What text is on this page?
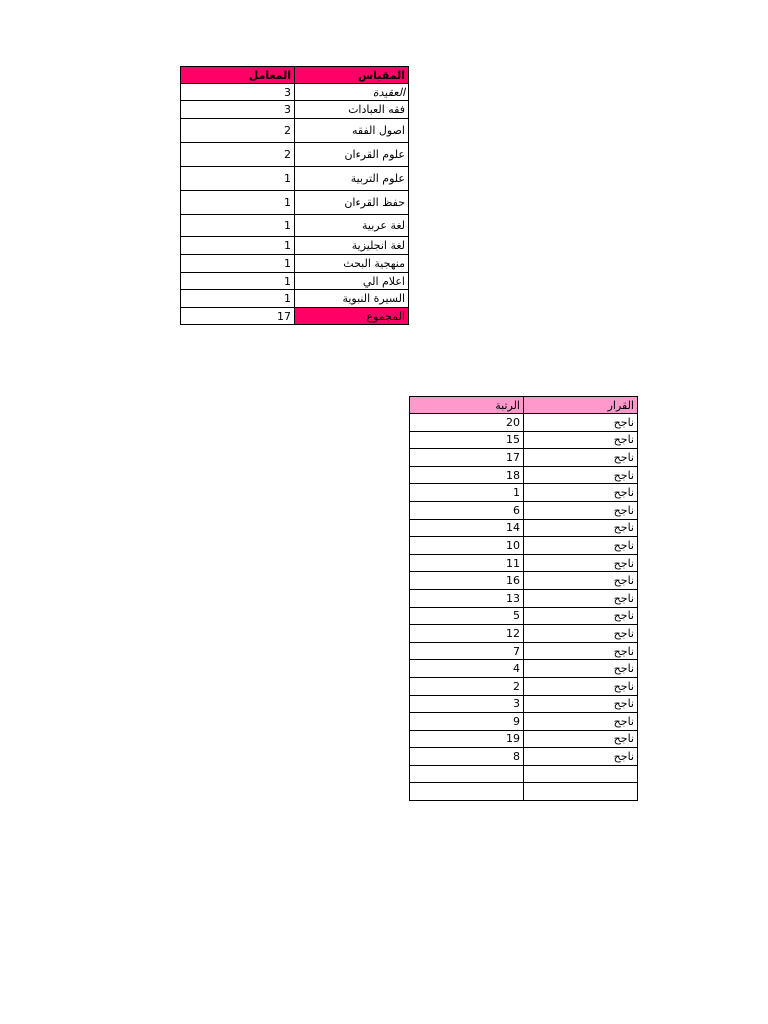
المعامل	المقياس
3	العقيدة
3	فقه العبادات
2	اصول الفقه
2	علوم القرءان
1	علوم التربية
1	حفظ القرءان
1	لغة عربية
1	لغة انجليزية
1	منهجية البحث
1	اعلام الي
1	السيرة النبوية
17	المجموع
الرتبة	القرار
20	ناجح
15	ناجح
17	ناجح
18	ناجح
1	ناجح
6	ناجح
14	ناجح
10	ناجح
11	ناجح
16	ناجح
13	ناجح
5	ناجح
12	ناجح
7	ناجح
4	ناجح
2	ناجح
3	ناجح
9	ناجح
19	ناجح
8	ناجح
